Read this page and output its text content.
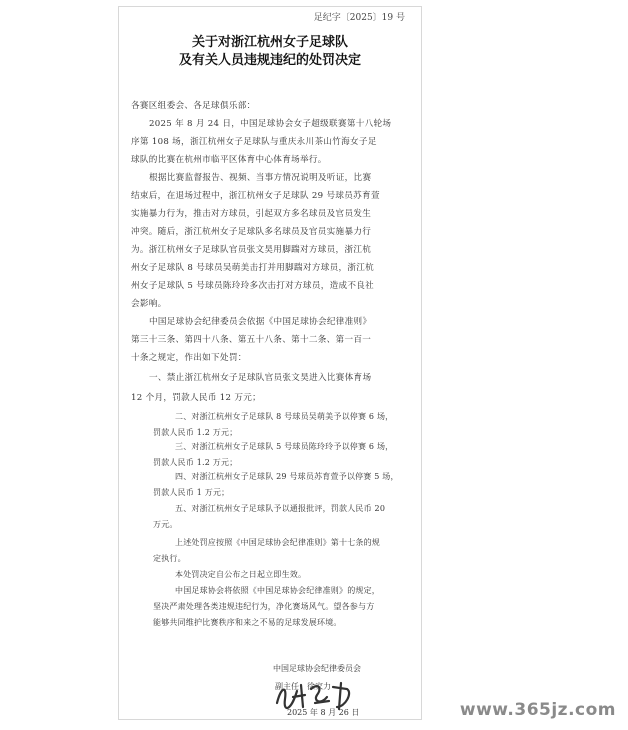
足纪字〔2025〕19 号

关于对浙江杭州女子足球队

及有关人员违规违纪的处罚决定

各赛区组委会、各足球俱乐部：

2025 年 8 月 24 日，中国足球协会女子超级联赛第十八轮场

序第 108 场，浙江杭州女子足球队与重庆永川茶山竹海女子足

球队的比赛在杭州市临平区体育中心体育场举行。

根据比赛监督报告、视频、当事方情况说明及听证，比赛

结束后，在退场过程中，浙江杭州女子足球队 29 号球员苏育萱

实施暴力行为，推击对方球员，引起双方多名球员及官员发生

冲突。随后，浙江杭州女子足球队多名球员及官员实施暴力行

为。浙江杭州女子足球队官员张文昊用脚踹对方球员，浙江杭

州女子足球队 8 号球员吴萌美击打并用脚踹对方球员，浙江杭

州女子足球队 5 号球员陈玲玲多次击打对方球员，造成不良社

会影响。

中国足球协会纪律委员会依据《中国足球协会纪律准则》

第三十三条、第四十八条、第五十八条、第十二条、第一百一

十条之规定，作出如下处罚：

一、禁止浙江杭州女子足球队官员张文昊进入比赛体育场

12 个月，罚款人民币 12 万元；

二、对浙江杭州女子足球队 8 号球员吴萌美予以停赛 6 场，

罚款人民币 1.2 万元；

三、对浙江杭州女子足球队 5 号球员陈玲玲予以停赛 6 场，

罚款人民币 1.2 万元；

四、对浙江杭州女子足球队 29 号球员苏育萱予以停赛 5 场，

罚款人民币 1 万元；

五、对浙江杭州女子足球队予以通报批评，罚款人民币 20

万元。

上述处罚应按照《中国足球协会纪律准则》第十七条的规

定执行。

本处罚决定自公布之日起立即生效。

中国足球协会将依照《中国足球协会纪律准则》的规定，

坚决严肃处理各类违规违纪行为，净化赛场风气。望各参与方

能够共同维护比赛秩序和来之不易的足球发展环境。

中国足球协会纪律委员会

副主任：徐家力

2025 年 8 月 26 日	www.365jz.com
